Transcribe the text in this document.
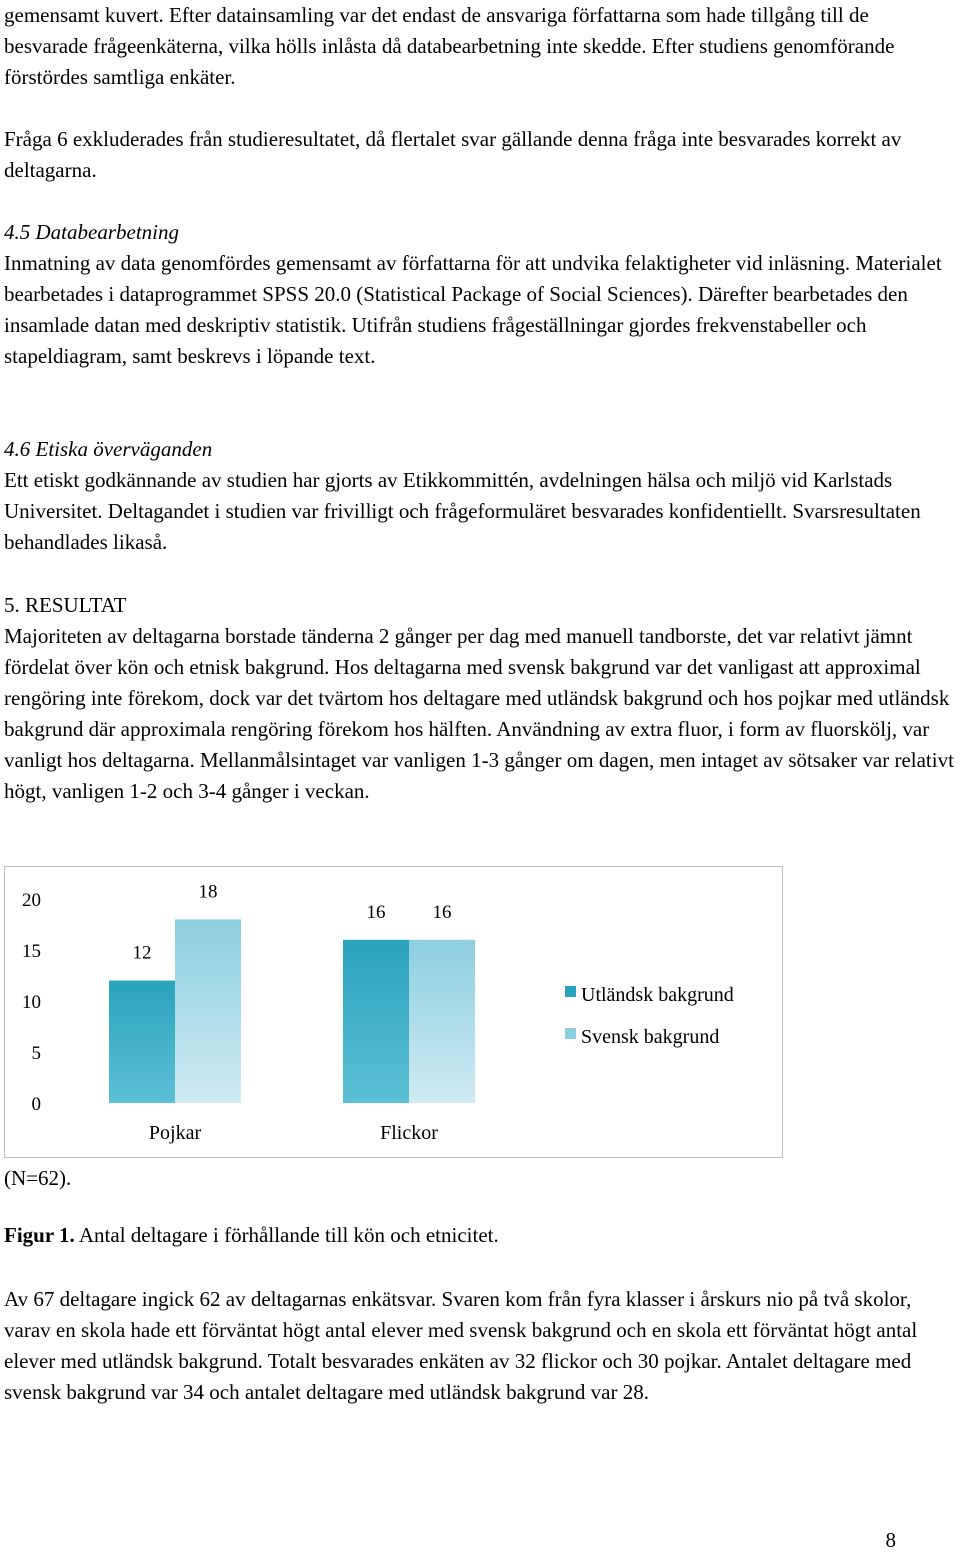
gemensamt kuvert. Efter datainsamling var det endast de ansvariga författarna som hade tillgång till de besvarade frågeenkäterna, vilka hölls inlåsta då databearbetning inte skedde. Efter studiens genomförande förstördes samtliga enkäter.

Fråga 6 exkluderades från studieresultatet, då flertalet svar gällande denna fråga inte besvarades korrekt av deltagarna.

4.5 Databearbetning
Inmatning av data genomfördes gemensamt av författarna för att undvika felaktigheter vid inläsning. Materialet bearbetades i dataprogrammet SPSS 20.0 (Statistical Package of Social Sciences). Därefter bearbetades den insamlade datan med deskriptiv statistik. Utifrån studiens frågeställningar gjordes frekvenstabeller och stapeldiagram, samt beskrevs i löpande text.
4.6 Etiska överväganden
Ett etiskt godkännande av studien har gjorts av Etikkommittén, avdelningen hälsa och miljö vid Karlstads Universitet. Deltagandet i studien var frivilligt och frågeformuläret besvarades konfidentiellt. Svarsresultaten behandlades likaså.
5. RESULTAT
Majoriteten av deltagarna borstade tänderna 2 gånger per dag med manuell tandborste, det var relativt jämnt fördelat över kön och etnisk bakgrund. Hos deltagarna med svensk bakgrund var det vanligast att approximal rengöring inte förekom, dock var det tvärtom hos deltagare med utländsk bakgrund och hos pojkar med utländsk bakgrund där approximala rengöring förekom hos hälften. Användning av extra fluor, i form av fluorskölj, var vanligt hos deltagarna. Mellanmålsintaget var vanligen 1-3 gånger om dagen, men intaget av sötsaker var relativt högt, vanligen 1-2 och 3-4 gånger i veckan.
0
5
10
15
20
12
18
Pojkar
16 16
Flickor
Utländsk bakgrund
Svensk bakgrund
(N=62).
Figur 1. Antal deltagare i förhållande till kön och etnicitet.

Av 67 deltagare ingick 62 av deltagarnas enkätsvar. Svaren kom från fyra klasser i årskurs nio på två skolor, varav en skola hade ett förväntat högt antal elever med svensk bakgrund och en skola ett förväntat högt antal elever med utländsk bakgrund. Totalt besvarades enkäten av 32 flickor och 30 pojkar. Antalet deltagare med svensk bakgrund var 34 och antalet deltagare med utländsk bakgrund var 28.

8
